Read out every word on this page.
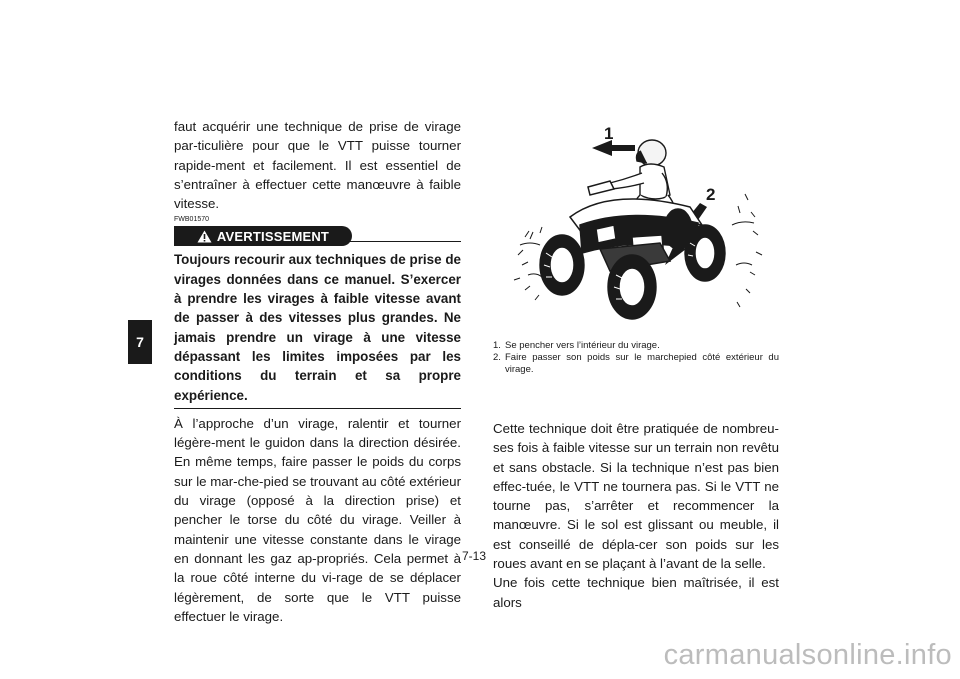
7

faut acquérir une technique de prise de virage par-ticulière pour que le VTT puisse tourner rapide-ment et facilement. Il est essentiel de s’entraîner à effectuer cette manœuvre à faible vitesse.

FWB01570
AVERTISSEMENT
Toujours recourir aux techniques de prise de virages données dans ce manuel. S’exercer à prendre les virages à faible vitesse avant de passer à des vitesses plus grandes. Ne jamais prendre un virage à une vitesse dépassant les limites imposées par les conditions du terrain et sa propre expérience.

À l’approche d’un virage, ralentir et tourner légère-ment le guidon dans la direction désirée. En même temps, faire passer le poids du corps sur le mar-che-pied se trouvant au côté extérieur du virage (opposé à la direction prise) et pencher le torse du côté du virage. Veiller à maintenir une vitesse constante dans le virage en donnant les gaz ap-propriés. Cela permet à la roue côté interne du vi-rage de se déplacer légèrement, de sorte que le VTT puisse effectuer le virage.

1
2
1. Se pencher vers l’intérieur du virage.
2. Faire passer son poids sur le marchepied côté extérieur du virage.

Cette technique doit être pratiquée de nombreu-ses fois à faible vitesse sur un terrain non revêtu et sans obstacle. Si la technique n’est pas bien effec-tuée, le VTT ne tournera pas. Si le VTT ne tourne pas, s’arrêter et recommencer la manœuvre. Si le sol est glissant ou meuble, il est conseillé de dépla-cer son poids sur les roues avant en se plaçant à l’avant de la selle.

Une fois cette technique bien maîtrisée, il est alors

7-13
carmanualsonline.info
